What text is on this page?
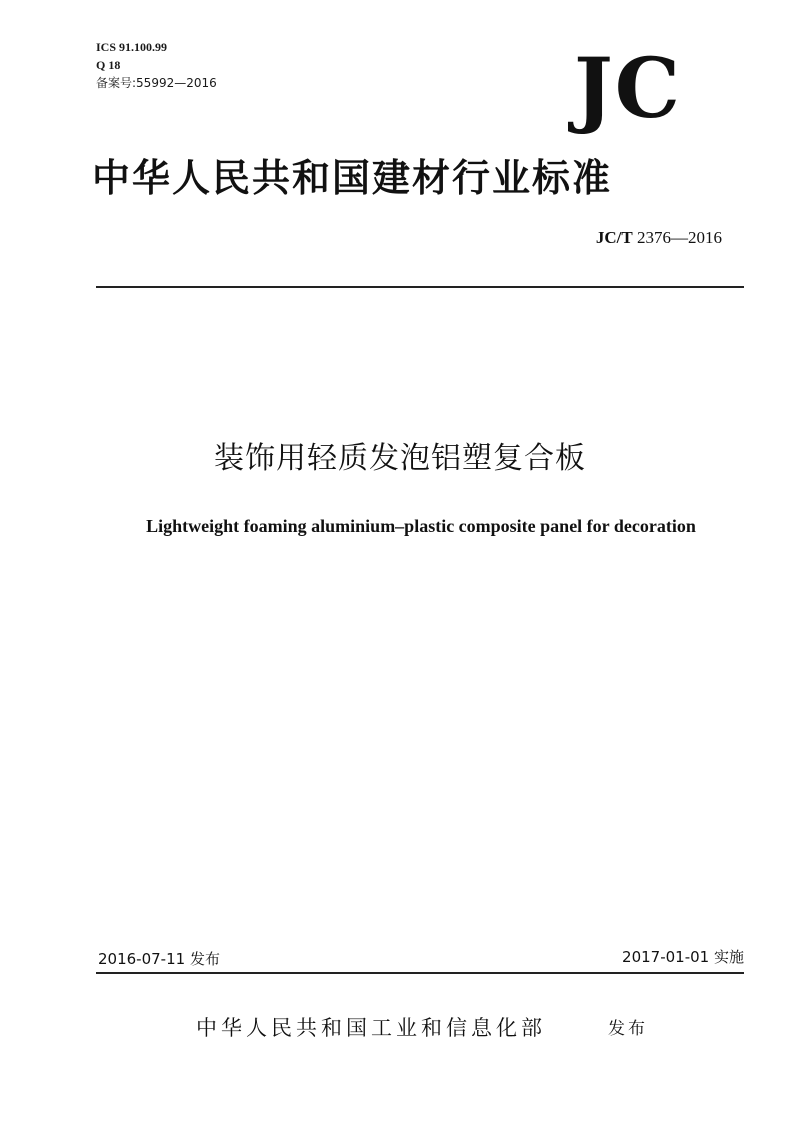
ICS 91.100.99
Q 18
备案号:55992—2016	JC
中华人民共和国建材行业标准
JC/T 2376—2016
装饰用轻质发泡铝塑复合板
Lightweight foaming aluminium–plastic composite panel for decoration
2016-07-11 发布	2017-01-01 实施
中华人民共和国工业和信息化部	发布
